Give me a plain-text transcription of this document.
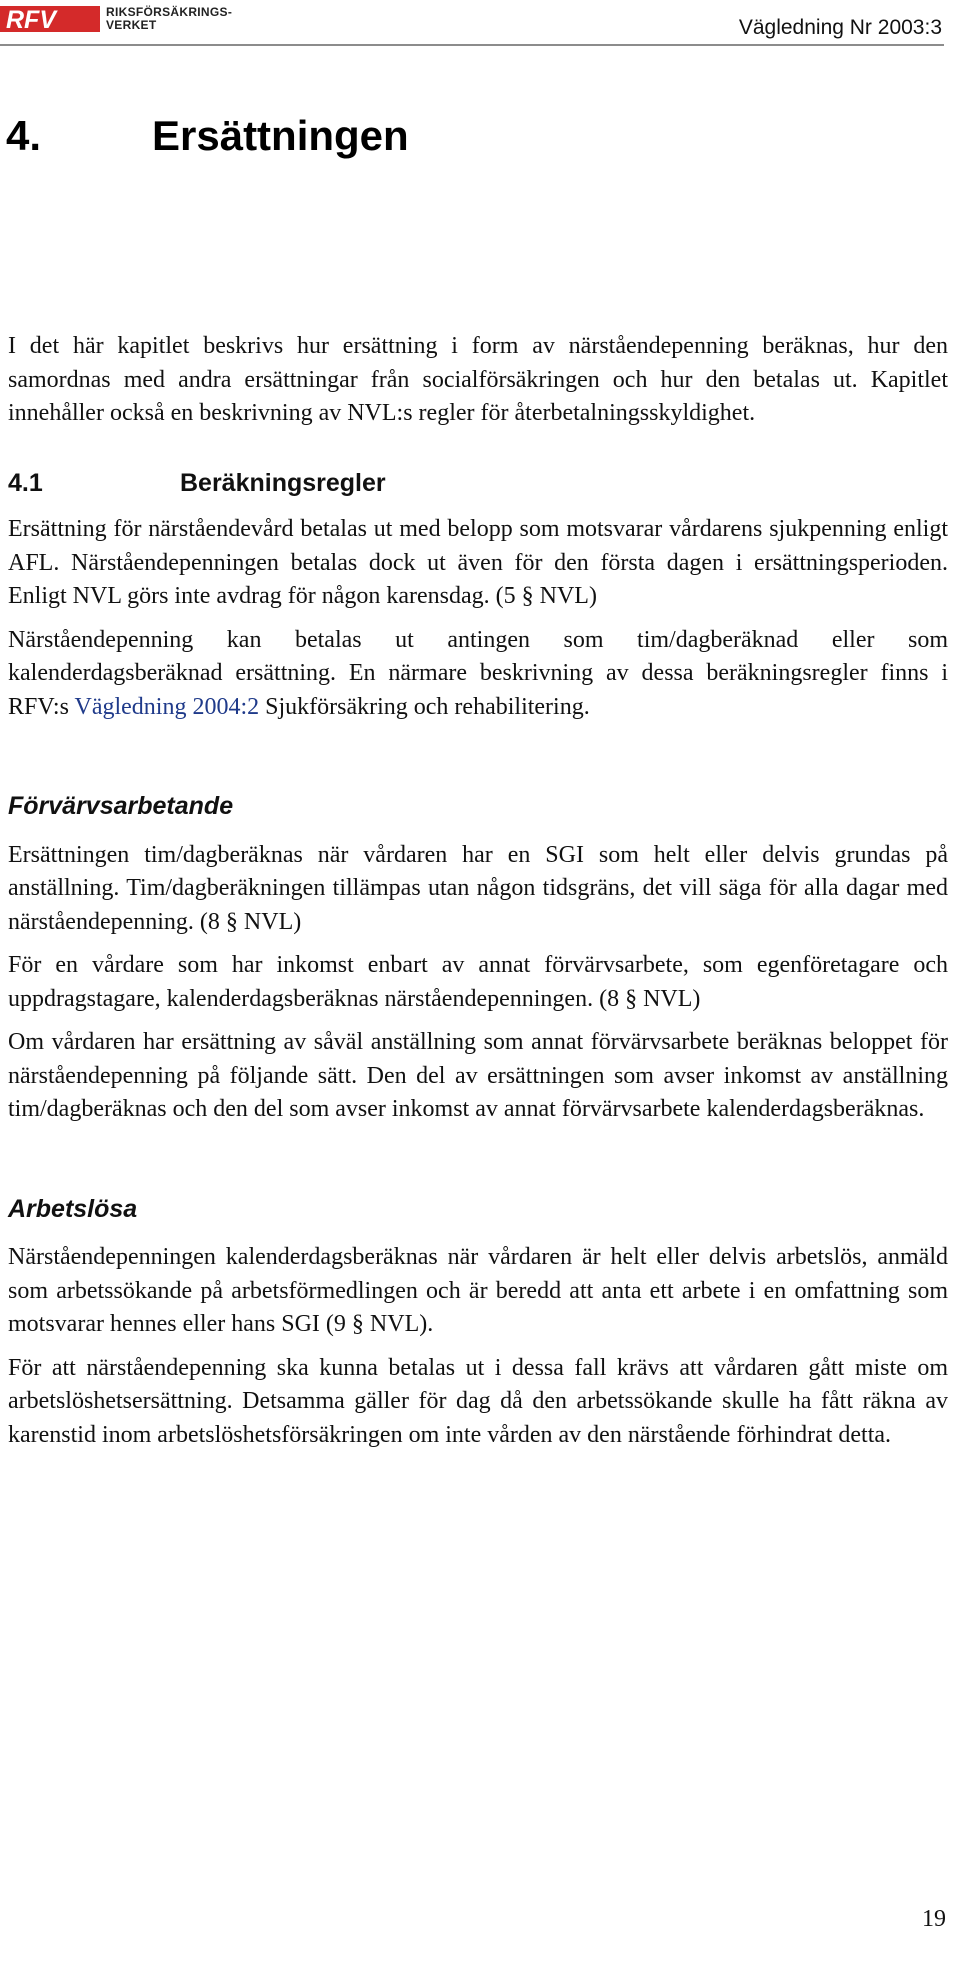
RFV	RIKSFÖRSÄKRINGS-
VERKET	Vägledning Nr 2003:3
4.	Ersättningen

I det här kapitlet beskrivs hur ersättning i form av närståendepenning beräknas, hur den samordnas med andra ersättningar från socialförsäkringen och hur den betalas ut. Kapitlet innehåller också en beskrivning av NVL:s regler för återbetalningsskyldighet.

4.1	Beräkningsregler

Ersättning för närståendevård betalas ut med belopp som motsvarar vårdarens sjukpenning enligt AFL. Närståendepenningen betalas dock ut även för den första dagen i ersättningsperioden. Enligt NVL görs inte avdrag för någon karensdag. (5 § NVL)

Närståendepenning kan betalas ut antingen som tim/dagberäknad eller som kalenderdagsberäknad ersättning. En närmare beskrivning av dessa beräkningsregler finns i RFV:s Vägledning 2004:2 Sjukförsäkring och rehabilitering.

Förvärvsarbetande

Ersättningen tim/dagberäknas när vårdaren har en SGI som helt eller delvis grundas på anställning. Tim/dagberäkningen tillämpas utan någon tidsgräns, det vill säga för alla dagar med närståendepenning. (8 § NVL)

För en vårdare som har inkomst enbart av annat förvärvsarbete, som egenföretagare och uppdragstagare, kalenderdagsberäknas närståendepenningen. (8 § NVL)

Om vårdaren har ersättning av såväl anställning som annat förvärvsarbete beräknas beloppet för närståendepenning på följande sätt. Den del av ersättningen som avser inkomst av anställning tim/dagberäknas och den del som avser inkomst av annat förvärvsarbete kalenderdagsberäknas.

Arbetslösa

Närståendepenningen kalenderdagsberäknas när vårdaren är helt eller delvis arbetslös, anmäld som arbetssökande på arbetsförmedlingen och är beredd att anta ett arbete i en omfattning som motsvarar hennes eller hans SGI (9 § NVL).

För att närståendepenning ska kunna betalas ut i dessa fall krävs att vårdaren gått miste om arbetslöshetsersättning. Detsamma gäller för dag då den arbetssökande skulle ha fått räkna av karenstid inom arbetslöshetsförsäkringen om inte vården av den närstående förhindrat detta.

19
